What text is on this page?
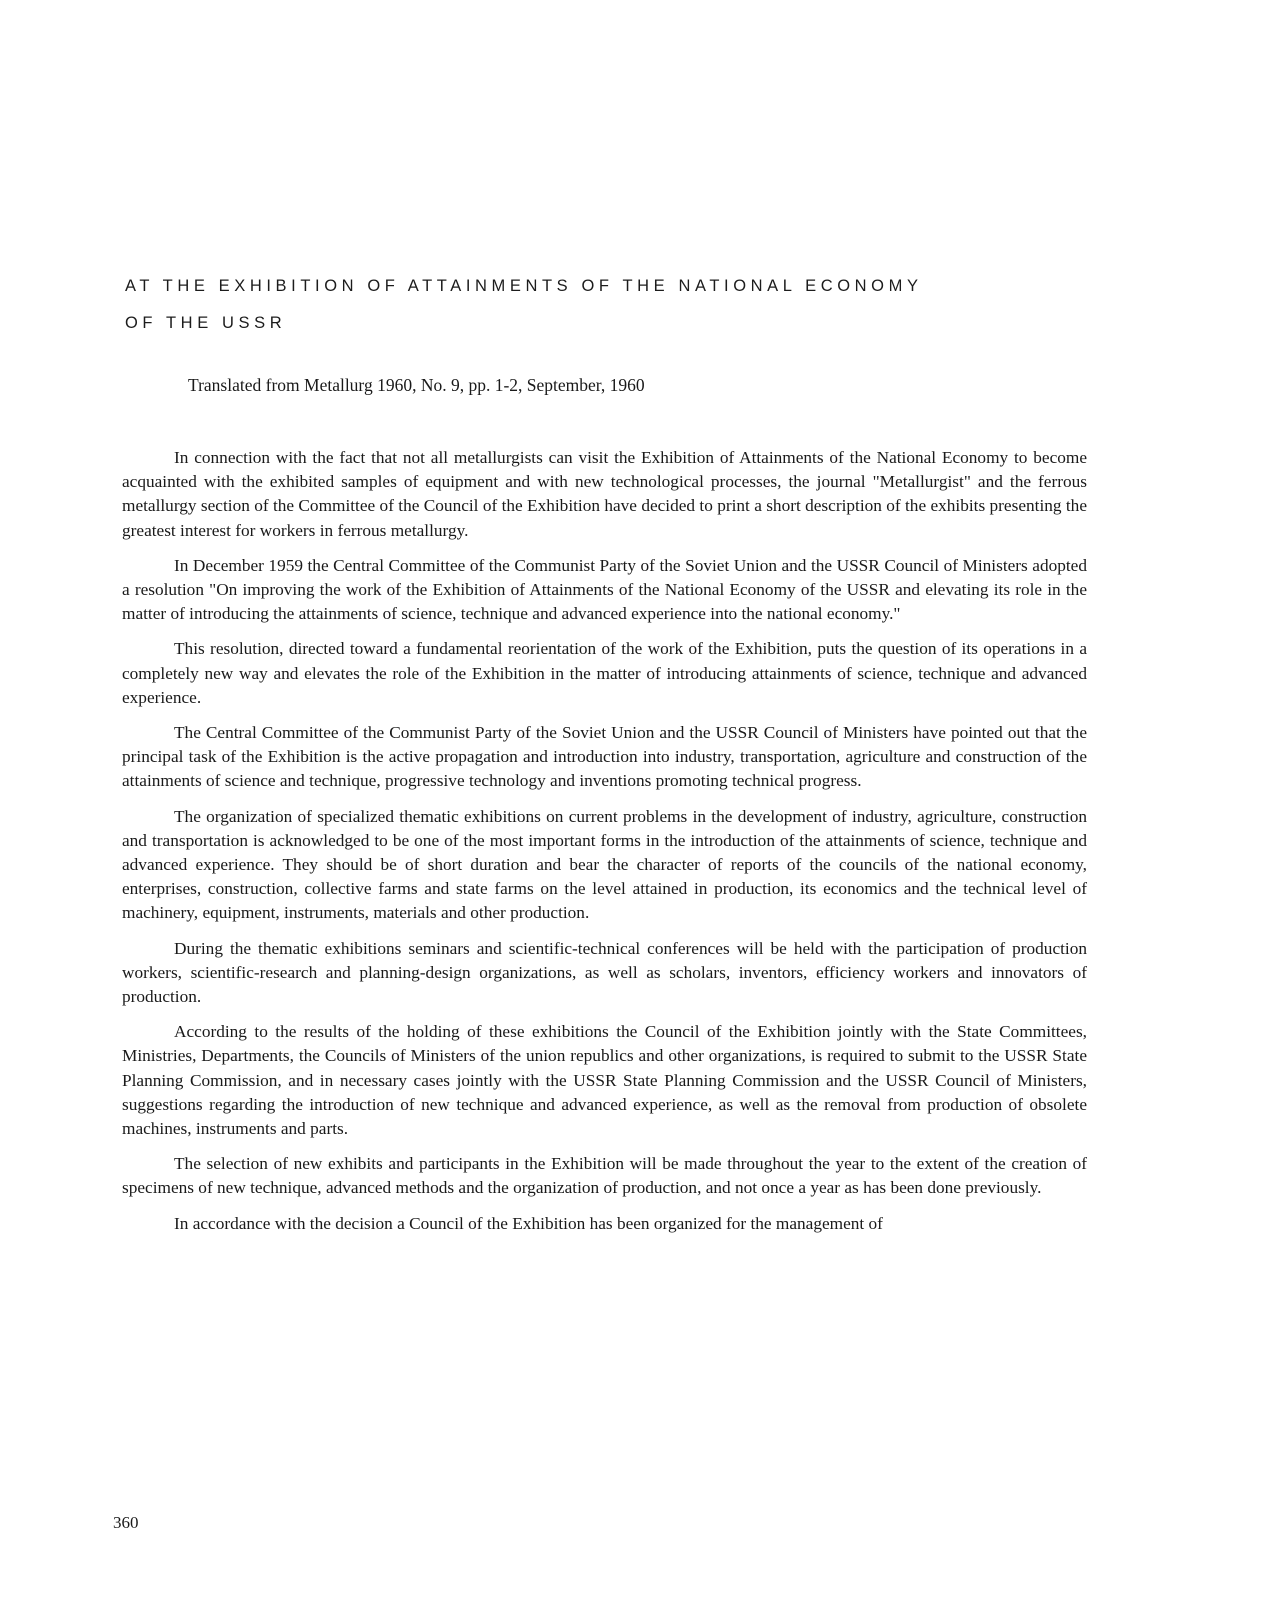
AT THE EXHIBITION OF ATTAINMENTS OF THE NATIONAL ECONOMY
OF THE USSR
Translated from Metallurg 1960, No. 9, pp. 1-2, September, 1960

In connection with the fact that not all metallurgists can visit the Exhibition of Attainments of the National Economy to become acquainted with the exhibited samples of equipment and with new technological processes, the journal "Metallurgist" and the ferrous metallurgy section of the Committee of the Council of the Exhibition have decided to print a short description of the exhibits presenting the greatest interest for workers in ferrous metallurgy.

In December 1959 the Central Committee of the Communist Party of the Soviet Union and the USSR Council of Ministers adopted a resolution "On improving the work of the Exhibition of Attainments of the National Economy of the USSR and elevating its role in the matter of introducing the attainments of science, technique and advanced experience into the national economy."

This resolution, directed toward a fundamental reorientation of the work of the Exhibition, puts the question of its operations in a completely new way and elevates the role of the Exhibition in the matter of introducing attainments of science, technique and advanced experience.

The Central Committee of the Communist Party of the Soviet Union and the USSR Council of Ministers have pointed out that the principal task of the Exhibition is the active propagation and introduction into industry, transportation, agriculture and construction of the attainments of science and technique, progressive technology and inventions promoting technical progress.

The organization of specialized thematic exhibitions on current problems in the development of industry, agriculture, construction and transportation is acknowledged to be one of the most important forms in the introduction of the attainments of science, technique and advanced experience. They should be of short duration and bear the character of reports of the councils of the national economy, enterprises, construction, collective farms and state farms on the level attained in production, its economics and the technical level of machinery, equipment, instruments, materials and other production.

During the thematic exhibitions seminars and scientific-technical conferences will be held with the participation of production workers, scientific-research and planning-design organizations, as well as scholars, inventors, efficiency workers and innovators of production.

According to the results of the holding of these exhibitions the Council of the Exhibition jointly with the State Committees, Ministries, Departments, the Councils of Ministers of the union republics and other organizations, is required to submit to the USSR State Planning Commission, and in necessary cases jointly with the USSR State Planning Commission and the USSR Council of Ministers, suggestions regarding the introduction of new technique and advanced experience, as well as the removal from production of obsolete machines, instruments and parts.

The selection of new exhibits and participants in the Exhibition will be made throughout the year to the extent of the creation of specimens of new technique, advanced methods and the organization of production, and not once a year as has been done previously.

In accordance with the decision a Council of the Exhibition has been organized for the management of

360
